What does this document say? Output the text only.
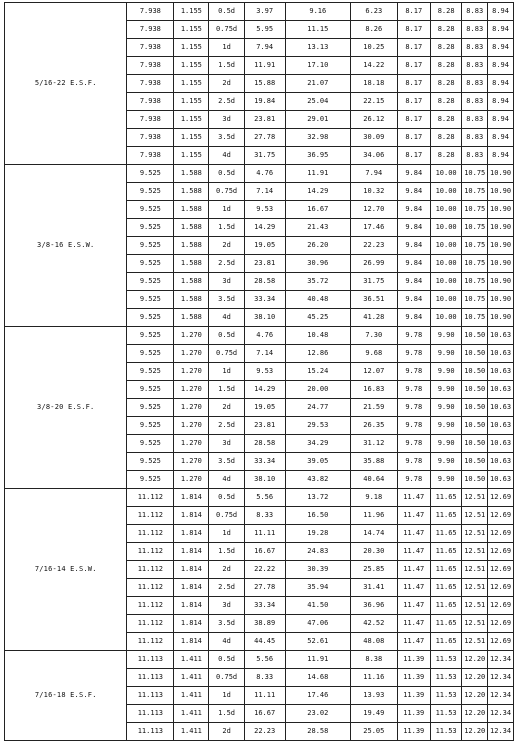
5/16-22 E.S.F.	7.938	1.155	0.5d	3.97	9.16	6.23	8.17	8.28	8.83	8.94
	7.938	1.155	0.75d	5.95	11.15	8.26	8.17	8.28	8.83	8.94
	7.938	1.155	1d	7.94	13.13	10.25	8.17	8.28	8.83	8.94
	7.938	1.155	1.5d	11.91	17.10	14.22	8.17	8.28	8.83	8.94
	7.938	1.155	2d	15.88	21.07	18.18	8.17	8.28	8.83	8.94
	7.938	1.155	2.5d	19.84	25.04	22.15	8.17	8.28	8.83	8.94
	7.938	1.155	3d	23.81	29.01	26.12	8.17	8.28	8.83	8.94
	7.938	1.155	3.5d	27.78	32.98	30.09	8.17	8.28	8.83	8.94
	7.938	1.155	4d	31.75	36.95	34.06	8.17	8.28	8.83	8.94
3/8-16 E.S.W.	9.525	1.588	0.5d	4.76	11.91	7.94	9.84	10.00	10.75	10.90
	9.525	1.588	0.75d	7.14	14.29	10.32	9.84	10.00	10.75	10.90
	9.525	1.588	1d	9.53	16.67	12.70	9.84	10.00	10.75	10.90
	9.525	1.588	1.5d	14.29	21.43	17.46	9.84	10.00	10.75	10.90
	9.525	1.588	2d	19.05	26.20	22.23	9.84	10.00	10.75	10.90
	9.525	1.588	2.5d	23.81	30.96	26.99	9.84	10.00	10.75	10.90
	9.525	1.588	3d	28.58	35.72	31.75	9.84	10.00	10.75	10.90
	9.525	1.588	3.5d	33.34	40.48	36.51	9.84	10.00	10.75	10.90
	9.525	1.588	4d	38.10	45.25	41.28	9.84	10.00	10.75	10.90
3/8-20 E.S.F.	9.525	1.270	0.5d	4.76	10.48	7.30	9.78	9.90	10.50	10.63
	9.525	1.270	0.75d	7.14	12.86	9.68	9.78	9.90	10.50	10.63
	9.525	1.270	1d	9.53	15.24	12.07	9.78	9.90	10.50	10.63
	9.525	1.270	1.5d	14.29	20.00	16.83	9.78	9.90	10.50	10.63
	9.525	1.270	2d	19.05	24.77	21.59	9.78	9.90	10.50	10.63
	9.525	1.270	2.5d	23.81	29.53	26.35	9.78	9.90	10.50	10.63
	9.525	1.270	3d	28.58	34.29	31.12	9.78	9.90	10.50	10.63
	9.525	1.270	3.5d	33.34	39.05	35.88	9.78	9.90	10.50	10.63
	9.525	1.270	4d	38.10	43.82	40.64	9.78	9.90	10.50	10.63
7/16-14 E.S.W.	11.112	1.814	0.5d	5.56	13.72	9.18	11.47	11.65	12.51	12.69
	11.112	1.814	0.75d	8.33	16.50	11.96	11.47	11.65	12.51	12.69
	11.112	1.814	1d	11.11	19.28	14.74	11.47	11.65	12.51	12.69
	11.112	1.814	1.5d	16.67	24.83	20.30	11.47	11.65	12.51	12.69
	11.112	1.814	2d	22.22	30.39	25.85	11.47	11.65	12.51	12.69
	11.112	1.814	2.5d	27.78	35.94	31.41	11.47	11.65	12.51	12.69
	11.112	1.814	3d	33.34	41.50	36.96	11.47	11.65	12.51	12.69
	11.112	1.814	3.5d	38.89	47.06	42.52	11.47	11.65	12.51	12.69
	11.112	1.814	4d	44.45	52.61	48.08	11.47	11.65	12.51	12.69
7/16-18 E.S.F.	11.113	1.411	0.5d	5.56	11.91	8.38	11.39	11.53	12.20	12.34
	11.113	1.411	0.75d	8.33	14.68	11.16	11.39	11.53	12.20	12.34
	11.113	1.411	1d	11.11	17.46	13.93	11.39	11.53	12.20	12.34
	11.113	1.411	1.5d	16.67	23.02	19.49	11.39	11.53	12.20	12.34
	11.113	1.411	2d	22.23	28.58	25.05	11.39	11.53	12.20	12.34
